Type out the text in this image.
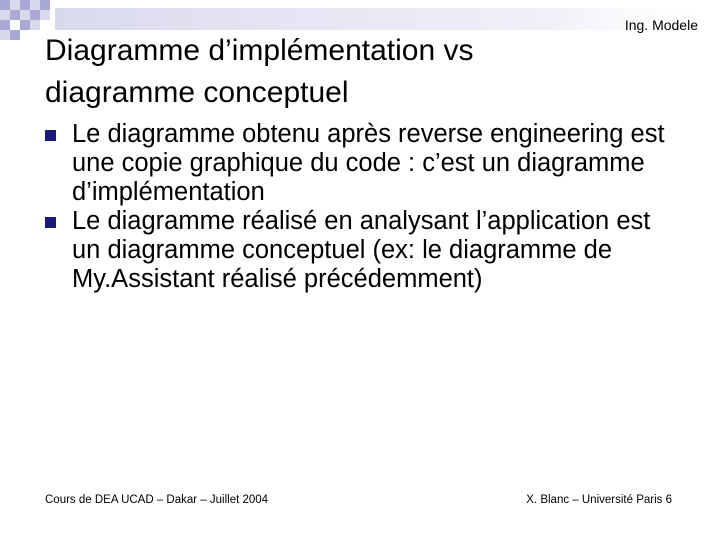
Ing. Modele
Diagramme d’implémentation vs diagramme conceptuel
Le diagramme obtenu après reverse engineering est une copie graphique du code : c’est un diagramme d’implémentation
Le diagramme réalisé en analysant l’application est un diagramme conceptuel (ex: le diagramme de My.Assistant réalisé précédemment)
Cours de DEA UCAD – Dakar – Juillet 2004	X. Blanc – Université Paris 6
